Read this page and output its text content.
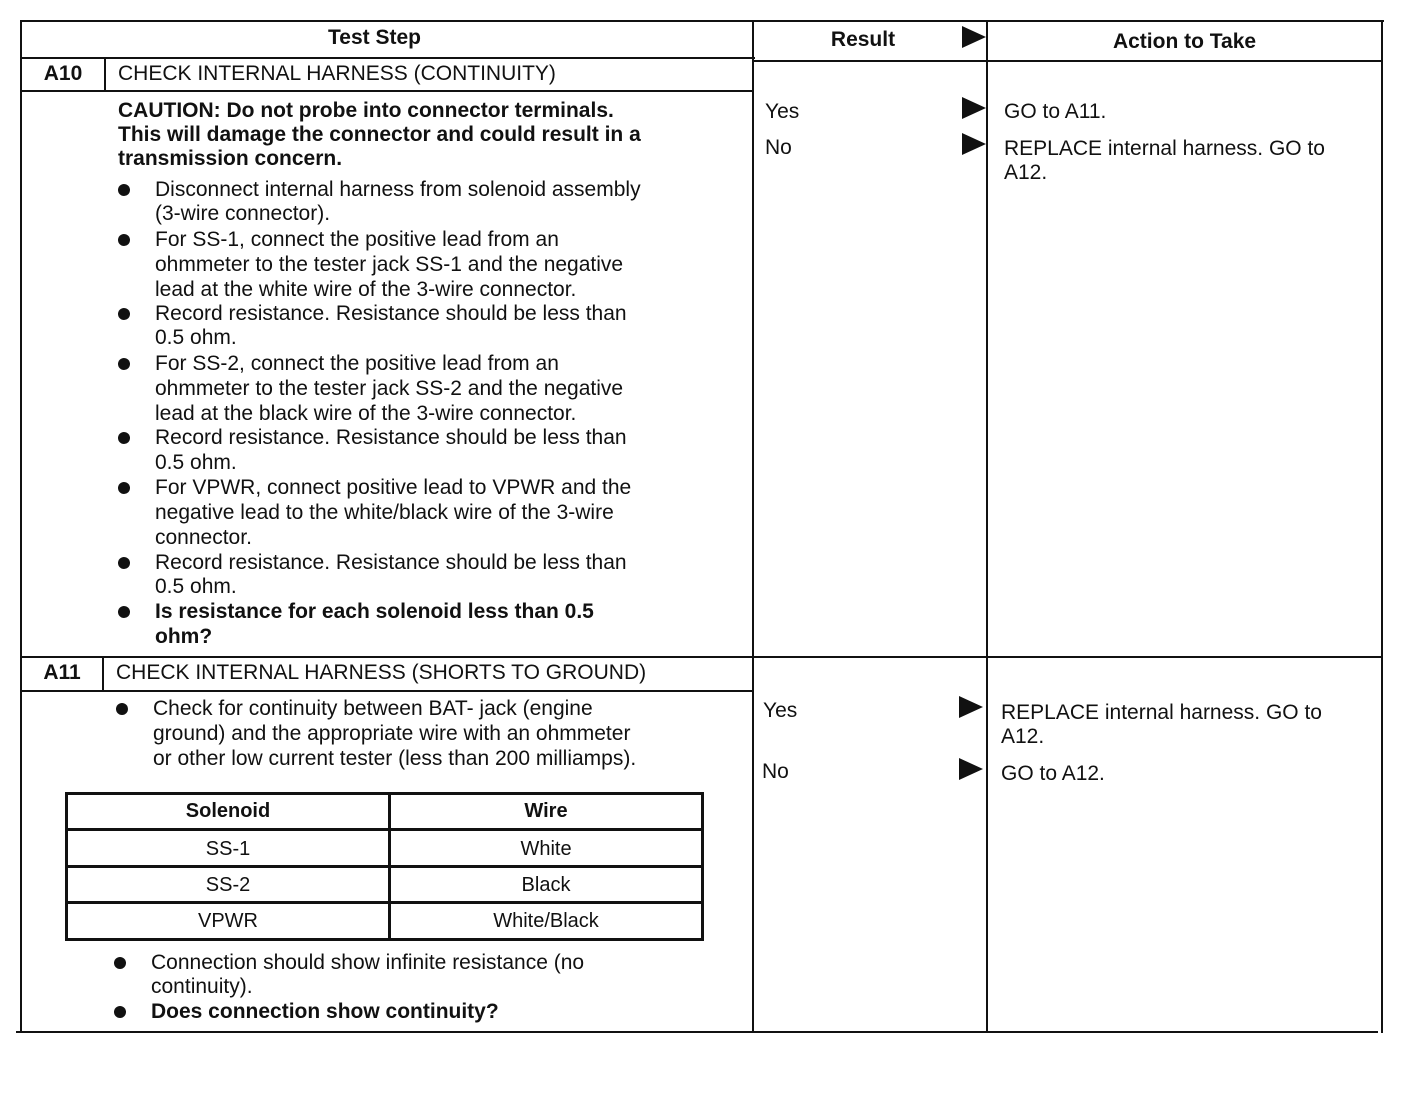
Test Step	Result	Action to Take
A10	CHECK INTERNAL HARNESS (CONTINUITY)
CAUTION: Do not probe into connector terminals.
This will damage the connector and could result in a
transmission concern.
Disconnect internal harness from solenoid assembly
(3-wire connector).
For SS-1, connect the positive lead from an
ohmmeter to the tester jack SS-1 and the negative
lead at the white wire of the 3-wire connector.
Record resistance. Resistance should be less than
0.5 ohm.
For SS-2, connect the positive lead from an
ohmmeter to the tester jack SS-2 and the negative
lead at the black wire of the 3-wire connector.
Record resistance. Resistance should be less than
0.5 ohm.
For VPWR, connect positive lead to VPWR and the
negative lead to the white/black wire of the 3-wire
connector.
Record resistance. Resistance should be less than
0.5 ohm.
Is resistance for each solenoid less than 0.5
ohm?
Yes	GO to A11.
No	REPLACE internal harness. GO to
A12.
A11	CHECK INTERNAL HARNESS (SHORTS TO GROUND)
Check for continuity between BAT- jack (engine
ground) and the appropriate wire with an ohmmeter
or other low current tester (less than 200 milliamps).
Solenoid	Wire
SS-1	White
SS-2	Black
VPWR	White/Black
Connection should show infinite resistance (no
continuity).
Does connection show continuity?
Yes	REPLACE internal harness. GO to
A12.
No	GO to A12.
